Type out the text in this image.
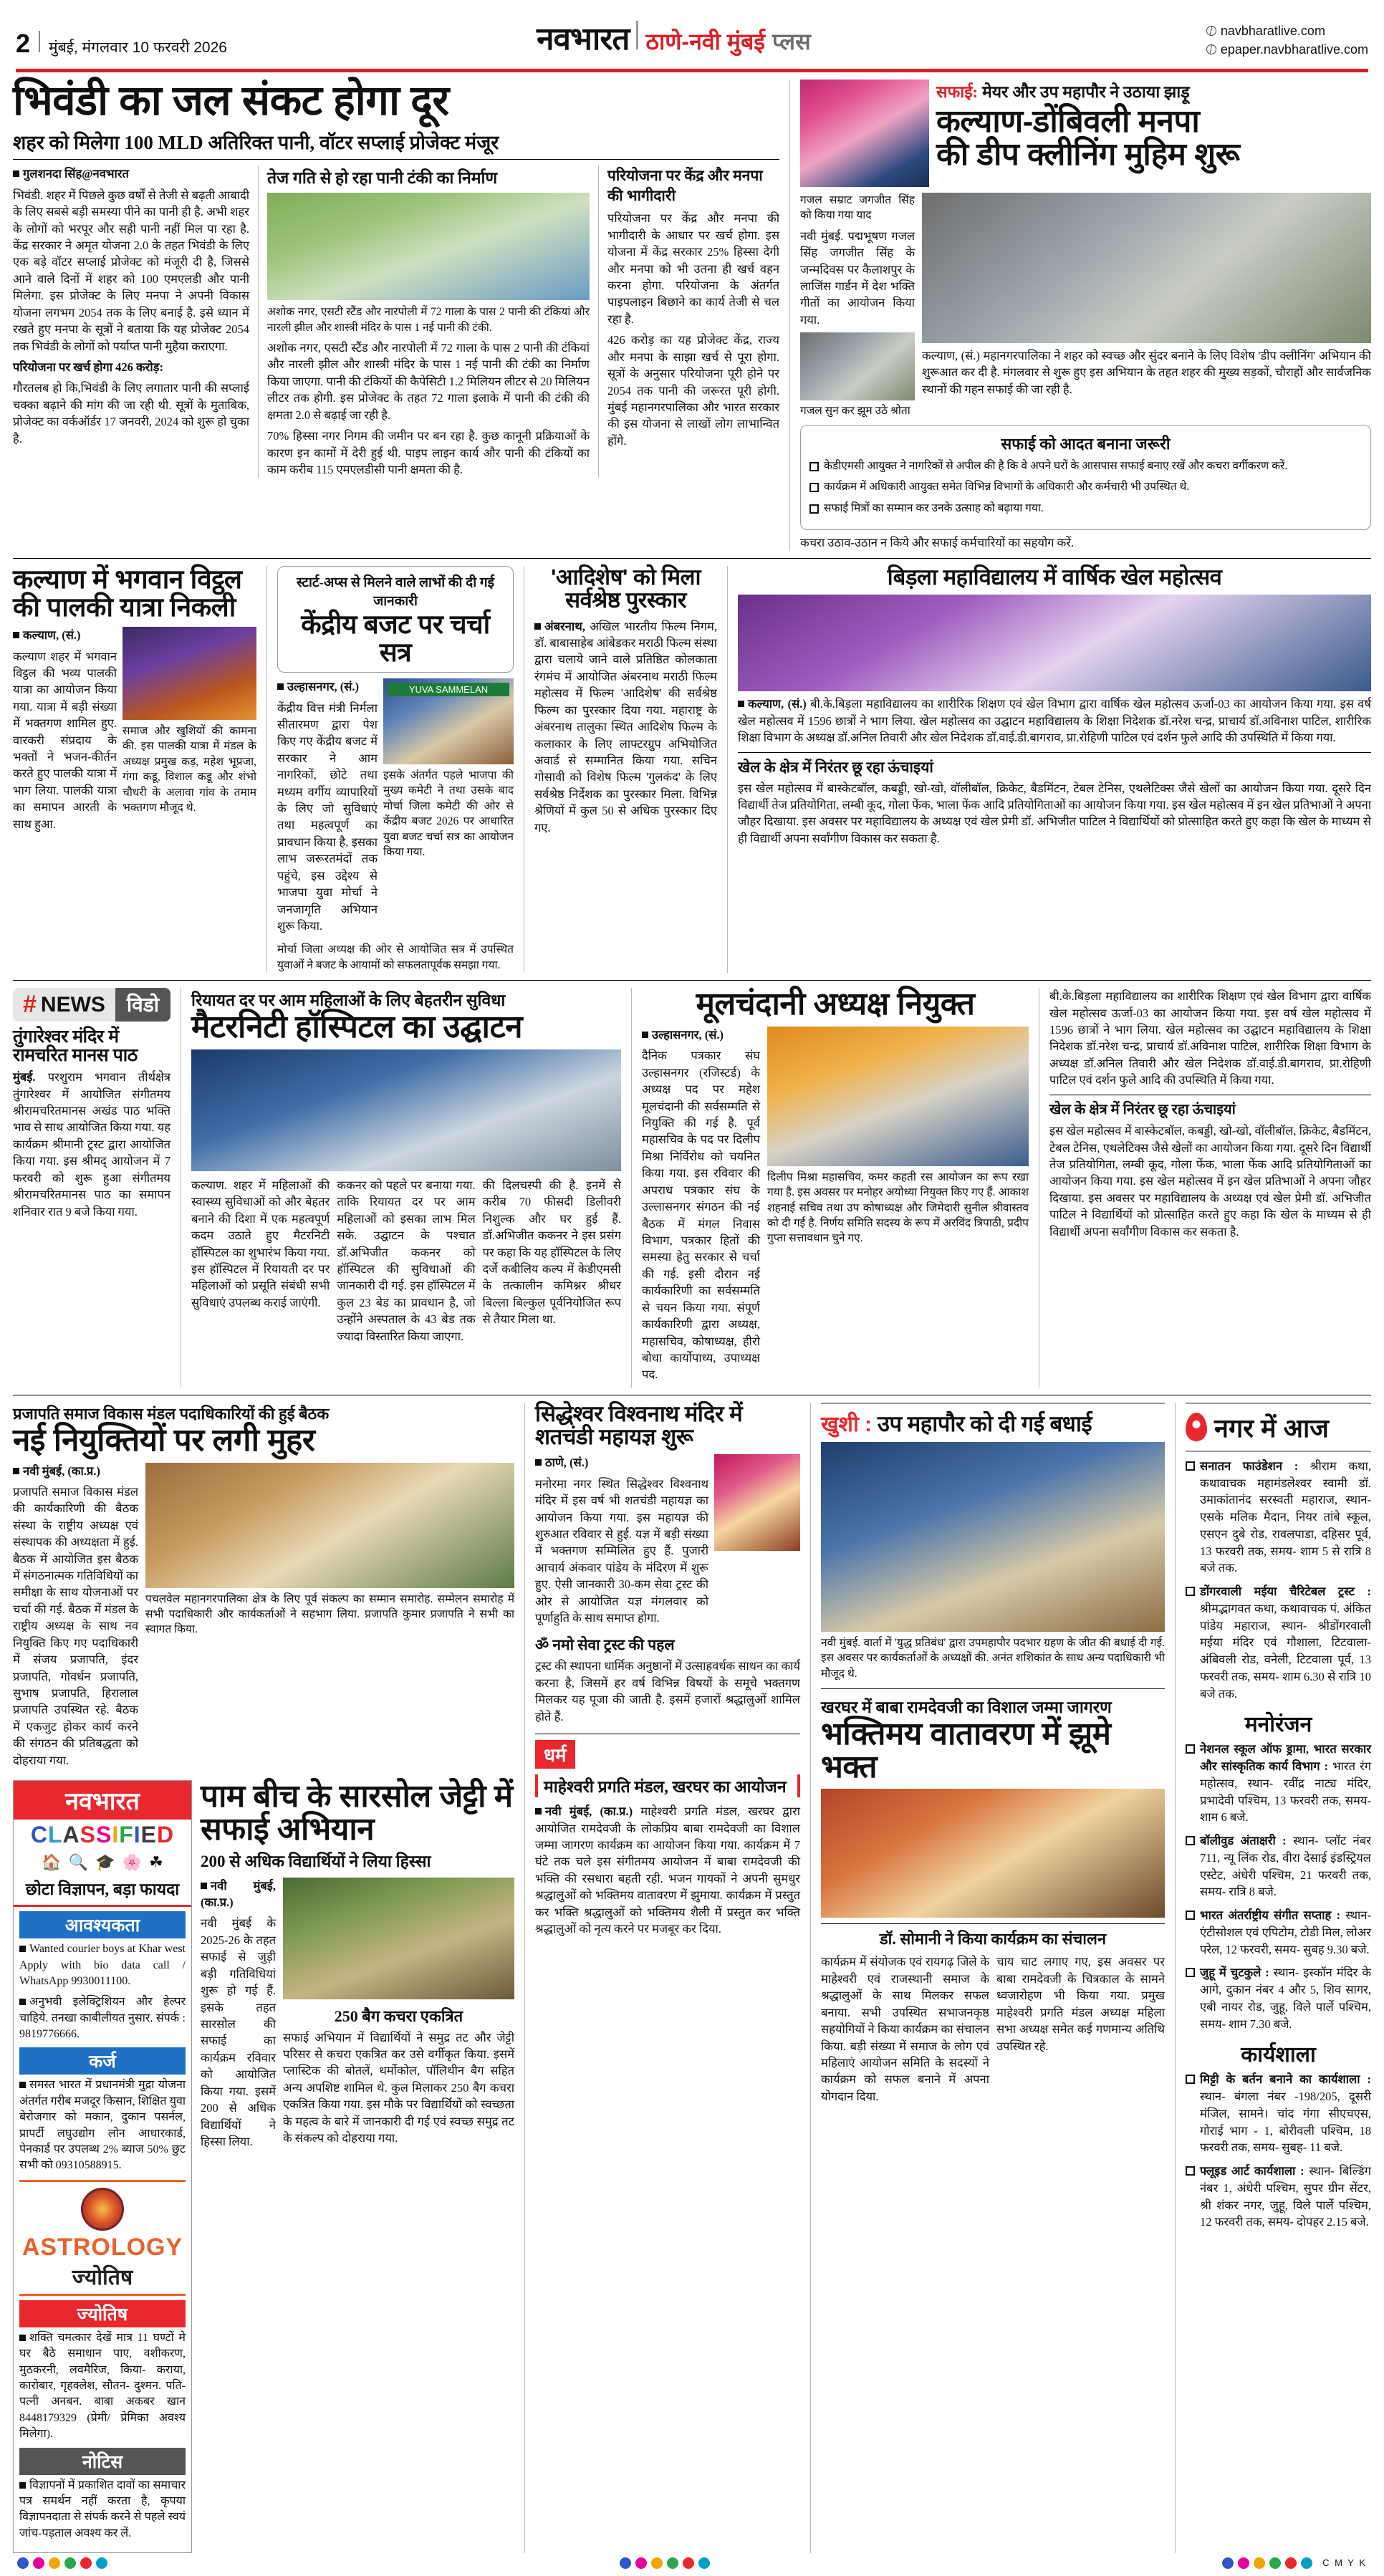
2 मुंबई, मंगलवार 10 फरवरी 2026	नवभारत ठाणे-नवी मुंबई प्लस	navbharatlive.com
epaper.navbharatlive.com
भिवंडी का जल संकट होगा दूर
शहर को मिलेगा 100 MLD अतिरिक्त पानी, वॉटर सप्लाई प्रोजेक्ट मंजूर

गुलशनदा सिंह@नवभारत

भिवंडी. शहर में पिछले कुछ वर्षों से तेजी से बढ़ती आबादी के लिए सबसे बड़ी समस्या पीने का पानी ही है. अभी शहर के लोगों को भरपूर और सही पानी नहीं मिल पा रहा है. केंद्र सरकार ने अमृत योजना 2.0 के तहत भिवंडी के लिए एक बड़े वॉटर सप्लाई प्रोजेक्ट को मंजूरी दी है, जिससे आने वाले दिनों में शहर को 100 एमएलडी और पानी मिलेगा. इस प्रोजेक्ट के लिए मनपा ने अपनी विकास योजना लगभग 2054 तक के लिए बनाई है. इसे ध्यान में रखते हुए मनपा के सूत्रों ने बताया कि यह प्रोजेक्ट 2054 तक भिवंडी के लोगों को पर्याप्त पानी मुहैया कराएगा.

परियोजना पर खर्च होगा 426 करोड़:

गौरतलब हो कि,भिवंडी के लिए लगातार पानी की सप्लाई चक्का बढ़ाने की मांग की जा रही थी. सूत्रों के मुताबिक, प्रोजेक्ट का वर्कऑर्डर 17 जनवरी, 2024 को शुरू हो चुका है.

तेज गति से हो रहा पानी टंकी का निर्माण
अशोक नगर, एसटी स्टैंड और नारपोली में 72 गाला के पास 2 पानी की टंकियां और नारली झील और शास्त्री मंदिर के पास 1 नई पानी की टंकी.
अशोक नगर, एसटी स्टैंड और नारपोली में 72 गाला के पास 2 पानी की टंकियां और नारली झील और शास्त्री मंदिर के पास 1 नई पानी की टंकी का निर्माण किया जाएगा. पानी की टंकियों की कैपेसिटी 1.2 मिलियन लीटर से 20 मिलियन लीटर तक होगी. इस प्रोजेक्ट के तहत 72 गाला इलाके में पानी की टंकी की क्षमता 2.0 से बढ़ाई जा रही है.
70% हिस्सा नगर निगम की जमीन पर बन रहा है. कुछ कानूनी प्रक्रियाओं के कारण इन कामों में देरी हुई थी. पाइप लाइन कार्य और पानी की टंकियों का काम करीब 115 एमएलडीसी पानी क्षमता की है.
परियोजना पर केंद्र और मनपा की भागीदारी
परियोजना पर केंद्र और मनपा की भागीदारी के आधार पर खर्च होगा. इस योजना में केंद्र सरकार 25% हिस्सा देगी और मनपा को भी उतना ही खर्च वहन करना होगा. परियोजना के अंतर्गत पाइपलाइन बिछाने का कार्य तेजी से चल रहा है.
426 करोड़ का यह प्रोजेक्ट केंद्र, राज्य और मनपा के साझा खर्च से पूरा होगा. सूत्रों के अनुसार परियोजना पूरी होने पर 2054 तक पानी की जरूरत पूरी होगी. मुंबई महानगरपालिका और भारत सरकार की इस योजना से लाखों लोग लाभान्वित होंगे.
सफाई: मेयर और उप महापौर ने उठाया झाड़ू
कल्याण-डोंबिवली मनपा
की डीप क्लीनिंग मुहिम शुरू
गजल सम्राट जगजीत सिंह को किया गया याद
नवी मुंबई. पद्मभूषण गजल सिंह जगजीत सिंह के जन्मदिवस पर कैलाशपुर के लाजिंस गार्डन में देश भक्ति गीतों का आयोजन किया गया.
गजल सुन कर झूम उठे श्रोता
कल्याण, (सं.) महानगरपालिका ने शहर को स्वच्छ और सुंदर बनाने के लिए विशेष 'डीप क्लीनिंग' अभियान की शुरूआत कर दी है. मंगलवार से शुरू हुए इस अभियान के तहत शहर की मुख्य सड़कों, चौराहों और सार्वजनिक स्थानों की गहन सफाई की जा रही है.
सफाई को आदत बनाना जरूरी
केडीएमसी आयुक्त ने नागरिकों से अपील की है कि वे अपने घरों के आसपास सफाई बनाए रखें और कचरा वर्गीकरण करें.
कार्यक्रम में अधिकारी आयुक्त समेत विभिन्न विभागों के अधिकारी और कर्मचारी भी उपस्थित थे.
सफाई मित्रों का सम्मान कर उनके उत्साह को बढ़ाया गया.
कचरा उठाव-उठान न किये और सफाई कर्मचारियों का सहयोग करें.
कल्याण में भगवान विट्ठल की पालकी यात्रा निकली

कल्याण, (सं.)

कल्याण शहर में भगवान विट्ठल की भव्य पालकी यात्रा का आयोजन किया गया. यात्रा में बड़ी संख्या में भक्तगण शामिल हुए. वारकरी संप्रदाय के भक्तों ने भजन-कीर्तन करते हुए पालकी यात्रा में भाग लिया. पालकी यात्रा का समापन आरती के साथ हुआ.

समाज और खुशियों की कामना की. इस पालकी यात्रा में मंडल के अध्यक्ष प्रमुख कड़, महेश भूप्रजा, गंगा कडू, विशाल कडू और शंभो चौधरी के अलावा गांव के तमाम भक्तगण मौजूद थे.
स्टार्ट-अप्स से मिलने वाले लाभों की दी गई जानकारी
केंद्रीय बजट पर चर्चा सत्र

उल्हासनगर, (सं.)

केंद्रीय वित्त मंत्री निर्मला सीतारमण द्वारा पेश किए गए केंद्रीय बजट में सरकार ने आम नागरिकों, छोटे तथा मध्यम वर्गीय व्यापारियों के लिए जो सुविधाएं तथा महत्वपूर्ण का प्रावधान किया है, इसका लाभ जरूरतमंदों तक पहुंचे, इस उद्देश्य से भाजपा युवा मोर्चा ने जनजागृति अभियान शुरू किया.

YUVA SAMMELAN
इसके अंतर्गत पहले भाजपा की मुख्य कमेटी ने तथा उसके बाद मोर्चा जिला कमेटी की ओर से केंद्रीय बजट 2026 पर आधारित युवा बजट चर्चा सत्र का आयोजन किया गया.
मोर्चा जिला अध्यक्ष की ओर से आयोजित सत्र में उपस्थित युवाओं ने बजट के आयामों को सफलतापूर्वक समझा गया.
'आदिशेष' को मिला सर्वश्रेष्ठ पुरस्कार
अंबरनाथ, अखिल भारतीय फिल्म निगम, डॉ. बाबासाहेब आंबेडकर मराठी फिल्म संस्था द्वारा चलाये जाने वाले प्रतिष्ठित कोलकाता रंगमंच में आयोजित अंबरनाथ मराठी फिल्म महोत्सव में फिल्म 'आदिशेष' की सर्वश्रेष्ठ फिल्म का पुरस्कार दिया गया. महाराष्ट्र के अंबरनाथ तालुका स्थित आदिशेष फिल्म के कलाकार के लिए लाफ्टरग्रुप अभियोजित अवार्ड से सम्मानित किया गया. सचिन गोसावी को विशेष फिल्म 'गुलकंद' के लिए सर्वश्रेष्ठ निर्देशक का पुरस्कार मिला. विभिन्न श्रेणियों में कुल 50 से अधिक पुरस्कार दिए गए.
बिड़ला महाविद्यालय में वार्षिक खेल महोत्सव
कल्याण, (सं.) बी.के.बिड़ला महाविद्यालय का शारीरिक शिक्षण एवं खेल विभाग द्वारा वार्षिक खेल महोत्सव ऊर्जा-03 का आयोजन किया गया. इस वर्ष खेल महोत्सव में 1596 छात्रों ने भाग लिया. खेल महोत्सव का उद्घाटन महाविद्यालय के शिक्षा निदेशक डॉ.नरेश चन्द्र, प्राचार्य डॉ.अविनाश पाटिल, शारीरिक शिक्षा विभाग के अध्यक्ष डॉ.अनिल तिवारी और खेल निदेशक डॉ.वाई.डी.बागराव, प्रा.रोहिणी पाटिल एवं दर्शन फुले आदि की उपस्थिति में किया गया.
खेल के क्षेत्र में निरंतर छू रहा ऊंचाइयां
इस खेल महोत्सव में बास्केटबॉल, कबड्डी, खो-खो, वॉलीबॉल, क्रिकेट, बैडमिंटन, टेबल टेनिस, एथलेटिक्स जैसे खेलों का आयोजन किया गया. दूसरे दिन विद्यार्थी तेज प्रतियोगिता, लम्बी कूद, गोला फेंक, भाला फेंक आदि प्रतियोगिताओं का आयोजन किया गया. इस खेल महोत्सव में इन खेल प्रतिभाओं ने अपना जौहर दिखाया. इस अवसर पर महाविद्यालय के अध्यक्ष एवं खेल प्रेमी डॉ. अभिजीत पाटिल ने विद्यार्थियों को प्रोत्साहित करते हुए कहा कि खेल के माध्यम से ही विद्यार्थी अपना सर्वांगीण विकास कर सकता है.
# NEWS	विडो
तुंगारेश्वर मंदिर में रामचरित मानस पाठ
मुंबई. परशुराम भगवान तीर्थक्षेत्र तुंगारेश्वर में आयोजित संगीतमय श्रीरामचरितमानस अखंड पाठ भक्ति भाव से साथ आयोजित किया गया. यह कार्यक्रम श्रीमानी ट्रस्ट द्वारा आयोजित किया गया. इस श्रीमद् आयोजन में 7 फरवरी को शुरू हुआ संगीतमय श्रीरामचरितमानस पाठ का समापन शनिवार रात 9 बजे किया गया.
रियायत दर पर आम महिलाओं के लिए बेहतरीन सुविधा
मैटरनिटी हॉस्पिटल का उद्घाटन
कल्याण. शहर में महिलाओं की स्वास्थ्य सुविधाओं को और बेहतर बनाने की दिशा में एक महत्वपूर्ण कदम उठाते हुए मैटरनिटी हॉस्पिटल का शुभारंभ किया गया. इस हॉस्पिटल में रियायती दर पर महिलाओं को प्रसूति संबंधी सभी सुविधाएं उपलब्ध कराई जाएंगी.
ककनर को पहले पर बनाया गया. ताकि रियायत दर पर आम महिलाओं को इसका लाभ मिल सके. उद्घाटन के पश्चात डॉ.अभिजीत ककनर को हॉस्पिटल की सुविधाओं की जानकारी दी गई. इस हॉस्पिटल में कुल 23 बेड का प्रावधान है, जो उन्होंने अस्पताल के 43 बेड तक ज्यादा विस्तारित किया जाएगा.
की दिलचस्पी की है. इनमें से करीब 70 फीसदी डिलीवरी निशुल्क और घर हुई हैं. डॉ.अभिजीत ककनर ने इस प्रसंग पर कहा कि यह हॉस्पिटल के लिए दर्जे कबीलिय कल्प में केडीएमसी के तत्कालीन कमिश्नर श्रीधर बिल्ला बिल्कुल पूर्वनियोजित रूप से तैयार मिला था.
मूलचंदानी अध्यक्ष नियुक्त

उल्हासनगर, (सं.)

दैनिक पत्रकार संघ उल्हासनगर (रजिस्टर्ड) के अध्यक्ष पद पर महेश मूलचंदानी की सर्वसम्मति से नियुक्ति की गई है. पूर्व महासचिव के पद पर दिलीप मिश्रा निर्विरोध को चयनित किया गया. इस रविवार की अपराध पत्रकार संघ के उल्लासनगर संगठन की नई बैठक में मंगल निवास विभाग, पत्रकार हितों की समस्या हेतु सरकार से चर्चा की गई. इसी दौरान नई कार्यकारिणी का सर्वसम्मति से चयन किया गया. संपूर्ण कार्यकारिणी द्वारा अध्यक्ष, महासचिव, कोषाध्यक्ष, हीरो बोधा कार्योपाध्य, उपाध्यक्ष पद.

दिलीप मिश्रा महासचिव, कमर कहती रस आयोजन का रूप रखा गया है. इस अवसर पर मनोहर अयोध्या नियुक्त किए गए हैं. आकाश शहनाई सचिव तथा उप कोषाध्यक्ष और जिमेदारी सुनील श्रीवास्तव को दी गई है. निर्णय समिति सदस्य के रूप में अरविंद त्रिपाठी, प्रदीप गुप्ता सत्तावधान चुने गए.
बी.के.बिड़ला महाविद्यालय का शारीरिक शिक्षण एवं खेल विभाग द्वारा वार्षिक खेल महोत्सव ऊर्जा-03 का आयोजन किया गया. इस वर्ष खेल महोत्सव में 1596 छात्रों ने भाग लिया. खेल महोत्सव का उद्घाटन महाविद्यालय के शिक्षा निदेशक डॉ.नरेश चन्द्र, प्राचार्य डॉ.अविनाश पाटिल, शारीरिक शिक्षा विभाग के अध्यक्ष डॉ.अनिल तिवारी और खेल निदेशक डॉ.वाई.डी.बागराव, प्रा.रोहिणी पाटिल एवं दर्शन फुले आदि की उपस्थिति में किया गया.
खेल के क्षेत्र में निरंतर छू रहा ऊंचाइयां
इस खेल महोत्सव में बास्केटबॉल, कबड्डी, खो-खो, वॉलीबॉल, क्रिकेट, बैडमिंटन, टेबल टेनिस, एथलेटिक्स जैसे खेलों का आयोजन किया गया. दूसरे दिन विद्यार्थी तेज प्रतियोगिता, लम्बी कूद, गोला फेंक, भाला फेंक आदि प्रतियोगिताओं का आयोजन किया गया. इस खेल महोत्सव में इन खेल प्रतिभाओं ने अपना जौहर दिखाया. इस अवसर पर महाविद्यालय के अध्यक्ष एवं खेल प्रेमी डॉ. अभिजीत पाटिल ने विद्यार्थियों को प्रोत्साहित करते हुए कहा कि खेल के माध्यम से ही विद्यार्थी अपना सर्वांगीण विकास कर सकता है.
प्रजापति समाज विकास मंडल पदाधिकारियों की हुई बैठक
नई नियुक्तियों पर लगी मुहर

नवी मुंबई, (का.प्र.)

प्रजापति समाज विकास मंडल की कार्यकारिणी की बैठक संस्था के राष्ट्रीय अध्यक्ष एवं संस्थापक की अध्यक्षता में हुई. बैठक में आयोजित इस बैठक में संगठनात्मक गतिविधियों का समीक्षा के साथ योजनाओं पर चर्चा की गई. बैठक में मंडल के राष्ट्रीय अध्यक्ष के साथ नव नियुक्ति किए गए पदाधिकारी में संजय प्रजापति, इंदर प्रजापति, गोवर्धन प्रजापति, सुभाष प्रजापति, हिरालाल प्रजापति उपस्थित रहे. बैठक में एकजुट होकर कार्य करने की संगठन की प्रतिबद्धता को दोहराया गया.

पचलवेल महानगरपालिका क्षेत्र के लिए पूर्व संकल्प का सम्मान समारोह. सम्मेलन समारोह में सभी पदाधिकारी और कार्यकर्ताओं ने सहभाग लिया. प्रजापति कुमार प्रजापति ने सभी का स्वागत किया.
नवभारत
CLASSIFIED
🏠 🔍 🎓 🌸 ☘
छोटा विज्ञापन, बड़ा फायदा
आवश्यकता
Wanted courier boys at Khar west Apply with bio data call / WhatsApp 9930011100.
अनुभवी इलेक्ट्रिशियन और हेल्पर चाहिये. तनखा काबीलीयत नुसार. संपर्क : 9819776666.
कर्ज
समस्त भारत में प्रधानमंत्री मुद्रा योजना अंतर्गत गरीब मजदूर किसान, शिक्षित युवा बेरोजगार को मकान, दुकान पसर्नल, प्रापर्टी लघुउद्योग लोन आधारकार्ड, पेनकार्ड पर उपलब्ध 2% ब्याज 50% छुट सभी को 09310588915.
ASTROLOGY
ज्योतिष
ज्योतिष
शक्ति चमत्कार देखें मात्र 11 घण्टों मे घर बैठे समाधान पाए, वशीकरण, मुठकरनी, लवमैरिज, किया- कराया, कारोबार, गृहक्लेश, सौतन- दुश्मन. पति- पत्नी अनबन. बाबा अकबर खान 8448179329 (प्रेमी/ प्रेमिका अवश्य मिलेगा).
नोटिस
विज्ञापनों में प्रकाशित दावों का समाचार पत्र समर्थन नहीं करता है, कृपया विज्ञापनदाता से संपर्क करने से पहले स्वयं जांच-पड़ताल अवश्य कर लें.
पाम बीच के सारसोल जेट्टी में सफाई अभियान
200 से अधिक विद्यार्थियों ने लिया हिस्सा

नवी मुंबई, (का.प्र.)

नवी मुंबई के 2025-26 के तहत सफाई से जुड़ी बड़ी गतिविधियां शुरू हो गई हैं. इसके तहत सारसोल की सफाई का कार्यक्रम रविवार को आयोजित किया गया. इसमें 200 से अधिक विद्यार्थियों ने हिस्सा लिया.

250 बैग कचरा एकत्रित
सफाई अभियान में विद्यार्थियों ने समुद्र तट और जेट्टी परिसर से कचरा एकत्रित कर उसे वर्गीकृत किया. इसमें प्लास्टिक की बोतलें, थर्मोकोल, पॉलिथीन बैग सहित अन्य अपशिष्ट शामिल थे. कुल मिलाकर 250 बैग कचरा एकत्रित किया गया. इस मौके पर विद्यार्थियों को स्वच्छता के महत्व के बारे में जानकारी दी गई एवं स्वच्छ समुद्र तट के संकल्प को दोहराया गया.
सिद्धेश्वर विश्वनाथ मंदिर में शतचंडी महायज्ञ शुरू

ठाणे, (सं.)

मनोरमा नगर स्थित सिद्धेश्वर विश्वनाथ मंदिर में इस वर्ष भी शतचंडी महायज्ञ का आयोजन किया गया. इस महायज्ञ की शुरुआत रविवार से हुई. यज्ञ में बड़ी संख्या में भक्तगण सम्मिलित हुए हैं. पुजारी आचार्य अंकवार पांडेय के मंदिरण में शुरू हुए. ऐसी जानकारी 30-कम सेवा ट्रस्ट की ओर से आयोजित यज्ञ मंगलवार को पूर्णाहुति के साथ समाप्त होगा.

ॐ नमो सेवा ट्रस्ट की पहल
ट्रस्ट की स्थापना धार्मिक अनुष्ठानों में उत्साहवर्धक साधन का कार्य करना है, जिसमें हर वर्ष विभिन्न विषयों के समूचे भक्तगण मिलकर यह पूजा की जाती है. इसमें हजारों श्रद्धालुओं शामिल होते हैं.
धर्म
माहेश्वरी प्रगति मंडल, खरघर का आयोजन
नवी मुंबई, (का.प्र.) माहेश्वरी प्रगति मंडल, खरघर द्वारा आयोजित रामदेवजी के लोकप्रिय बाबा रामदेवजी का विशाल जम्मा जागरण कार्यक्रम का आयोजन किया गया. कार्यक्रम में 7 घंटे तक चले इस संगीतमय आयोजन में बाबा रामदेवजी की भक्ति की रसधारा बहती रही. भजन गायकों ने अपनी सुमधुर श्रद्धालुओं को भक्तिमय वातावरण में झुमाया. कार्यक्रम में प्रस्तुत कर भक्ति श्रद्धालुओं को भक्तिमय शैली में प्रस्तुत कर भक्ति श्रद्धालुओं को नृत्य करने पर मजबूर कर दिया.
खुशी : उप महापौर को दी गई बधाई
नवी मुंबई. वार्ता में 'युद्ध प्रतिबंध' द्वारा उपमहापौर पदभार ग्रहण के जीत की बधाई दी गई. इस अवसर पर कार्यकर्ताओं के अध्यक्षों की. अनंत शशिकांत के साथ अन्य पदाधिकारी भी मौजूद थे.
खरघर में बाबा रामदेवजी का विशाल जम्मा जागरण
भक्तिमय वातावरण में झूमे भक्त
डॉ. सोमानी ने किया कार्यक्रम का संचालन
कार्यक्रम में संयोजक एवं रायगढ़ जिले के माहेश्वरी एवं राजस्थानी समाज के श्रद्धालुओं के साथ मिलकर सफल बनाया. सभी उपस्थित सभाजनकृष्ठ सहयोगियों ने किया कार्यक्रम का संचालन किया. बड़ी संख्या में समाज के लोग एवं महिलाएं आयोजन समिति के सदस्यों ने कार्यक्रम को सफल बनाने में अपना योगदान दिया.
चाय चाट लगाए गए, इस अवसर पर बाबा रामदेवजी के चित्रकाल के सामने ध्वजारोहण भी किया गया. प्रमुख माहेश्वरी प्रगति मंडल अध्यक्ष महिला सभा अध्यक्ष समेत कई गणमान्य अतिथि उपस्थित रहे.
नगर में आज
सनातन फाउंडेशन : श्रीराम कथा, कथावाचक महामंडलेश्वर स्वामी डॉ. उमाकांतानंद सरस्वती महाराज, स्थान- एसके मलिक मैदान, नियर तांबे स्कूल, एसएन दुबे रोड, रावलपाडा, दहिसर पूर्व, 13 फरवरी तक, समय- शाम 5 से रात्रि 8 बजे तक.
डोंगरवाली मईया चैरिटेबल ट्रस्ट : श्रीमद्भागवत कथा, कथावाचक पं. अंकित पांडेय महाराज, स्थान- श्रीडोंगरवाली मईया मंदिर एवं गौशाला, टिटवाला- अंबिवली रोड, वनेली, टिटवाला पूर्व, 13 फरवरी तक, समय- शाम 6.30 से रात्रि 10 बजे तक.
मनोरंजन
नेशनल स्कूल ऑफ ड्रामा, भारत सरकार और सांस्कृतिक कार्य विभाग : भारत रंग महोत्सव, स्थान- रवींद्र नाट्य मंदिर, प्रभादेवी पश्चिम, 13 फरवरी तक, समय- शाम 6 बजे.
बॉलीवुड अंताक्षरी : स्थान- प्लॉट नंबर 711, न्यू लिंक रोड, वीरा देसाई इंडस्ट्रियल एस्टेट, अंधेरी पश्चिम, 21 फरवरी तक, समय- रात्रि 8 बजे.
भारत अंतर्राष्ट्रीय संगीत सप्ताह : स्थान- एंटीसोशल एवं एपिटोम, टोडी मिल, लोअर परेल, 12 फरवरी, समय- सुबह 9.30 बजे.
जुहू में चुटकुले : स्थान- इस्कॉन मंदिर के आगे, दुकान नंबर 4 और 5, शिव सागर, एबी नायर रोड, जुहू, विले पार्ले पश्चिम, समय- शाम 7.30 बजे.
कार्यशाला
मिट्टी के बर्तन बनाने का कार्यशाला : स्थान- बंगला नंबर -198/205, दूसरी मंजिल, सामने। चांद गंगा सीएचएस, गोराई भाग - 1, बोरीवली पश्चिम, 18 फरवरी तक, समय- सुबह- 11 बजे.
फ्लूइड आर्ट कार्यशाला : स्थान- बिल्डिंग नंबर 1, अंधेरी पश्चिम, सुपर ग्रीन सेंटर, श्री शंकर नगर, जुहू, विले पार्ले पश्चिम, 12 फरवरी तक, समय- दोपहर 2.15 बजे.
C M Y K
